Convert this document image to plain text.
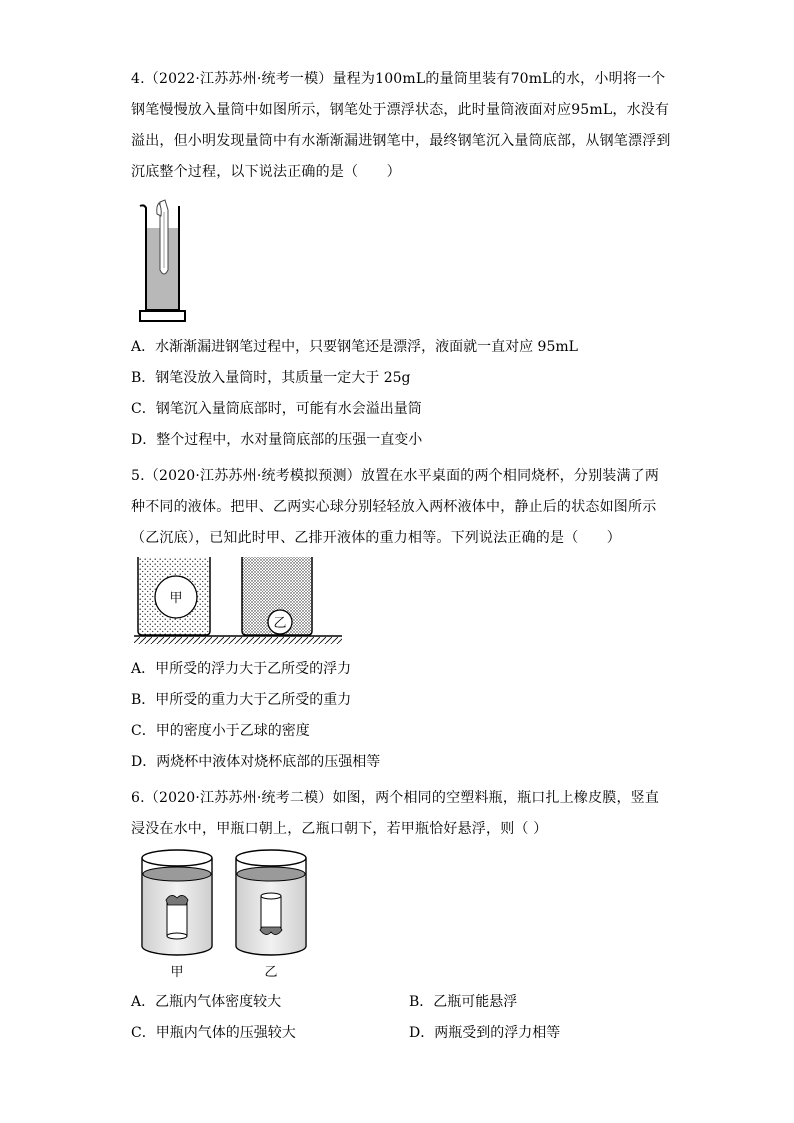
4.（2022·江苏苏州·统考一模）量程为100mL的量筒里装有70mL的水，小明将一个钢笔慢慢放入量筒中如图所示，钢笔处于漂浮状态，此时量筒液面对应95mL，水没有溢出，但小明发现量筒中有水渐渐漏进钢笔中，最终钢笔沉入量筒底部，从钢笔漂浮到沉底整个过程，以下说法正确的是（　　）
A．水渐渐漏进钢笔过程中，只要钢笔还是漂浮，液面就一直对应 95mL
B．钢笔没放入量筒时，其质量一定大于 25g
C．钢笔沉入量筒底部时，可能有水会溢出量筒
D．整个过程中，水对量筒底部的压强一直变小
5.（2020·江苏苏州·统考模拟预测）放置在水平桌面的两个相同烧杯，分别装满了两种不同的液体。把甲、乙两实心球分别轻轻放入两杯液体中，静止后的状态如图所示（乙沉底），已知此时甲、乙排开液体的重力相等。下列说法正确的是（　　）
甲
乙
A．甲所受的浮力大于乙所受的浮力
B．甲所受的重力大于乙所受的重力
C．甲的密度小于乙球的密度
D．两烧杯中液体对烧杯底部的压强相等
6.（2020·江苏苏州·统考二模）如图，两个相同的空塑料瓶，瓶口扎上橡皮膜，竖直浸没在水中，甲瓶口朝上，乙瓶口朝下，若甲瓶恰好悬浮，则（ ）
甲	乙
A．乙瓶内气体密度较大	B．乙瓶可能悬浮
C．甲瓶内气体的压强较大	D．两瓶受到的浮力相等
